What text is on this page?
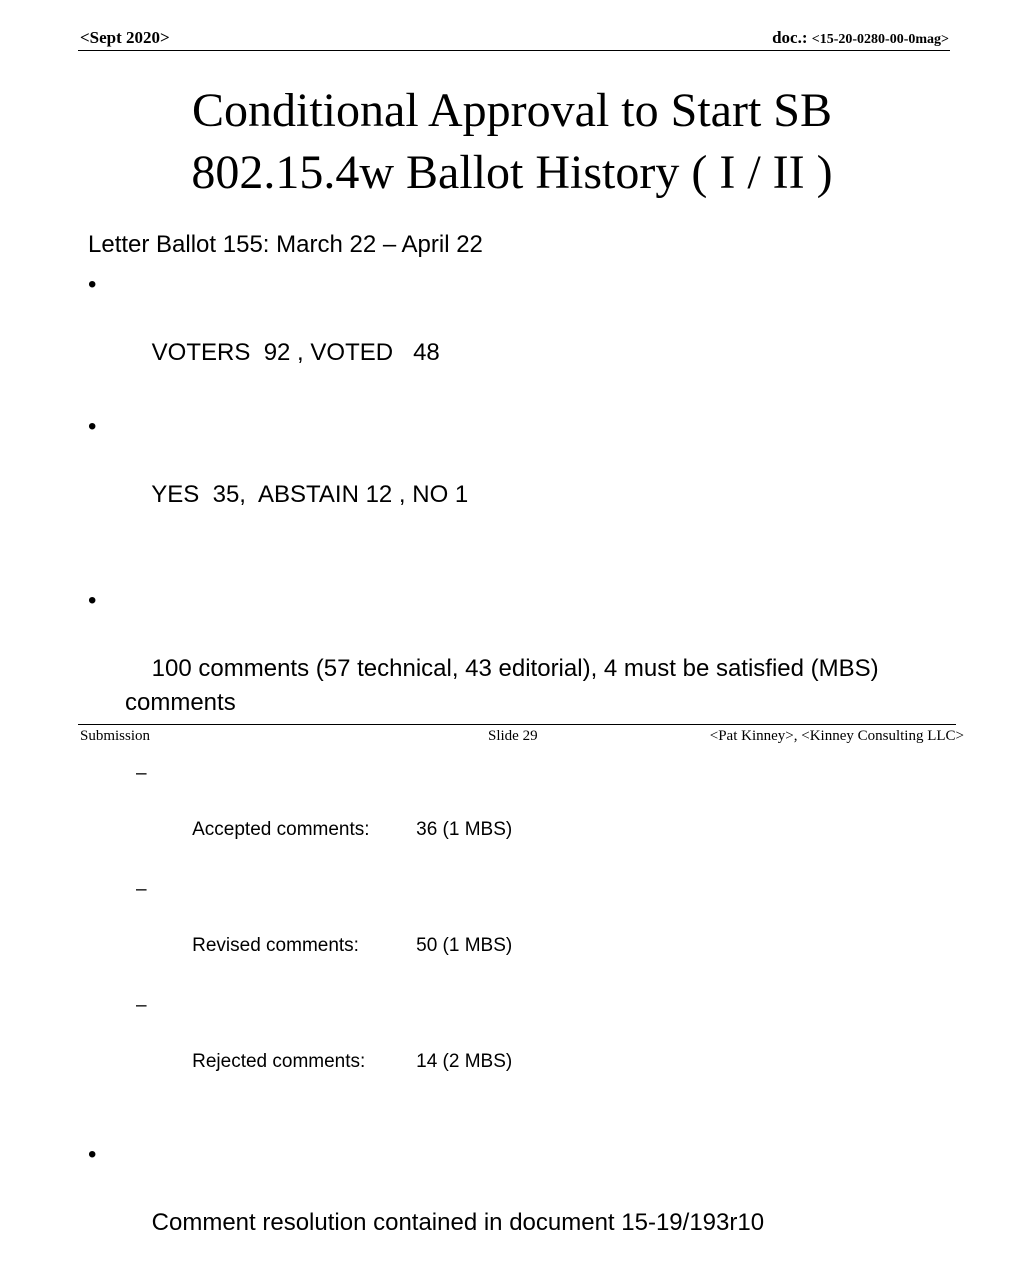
<Sept 2020>	doc.: <15-20-0280-00-0mag>
Conditional Approval to Start SB
802.15.4w Ballot History ( I / II )
Letter Ballot 155: March 22 – April 22

•

VOTERS  92 , VOTED   48

•

YES  35,  ABSTAIN 12 , NO 1

•

100 comments (57 technical, 43 editorial), 4 must be satisfied (MBS) comments

–

Accepted comments: 36 (1 MBS)

–

Revised comments:	50 (1 MBS)

–

Rejected comments:	14 (2 MBS)

•

Comment resolution contained in document 15-19/193r10

Submission	Slide 29	<Pat Kinney>, <Kinney Consulting LLC>
